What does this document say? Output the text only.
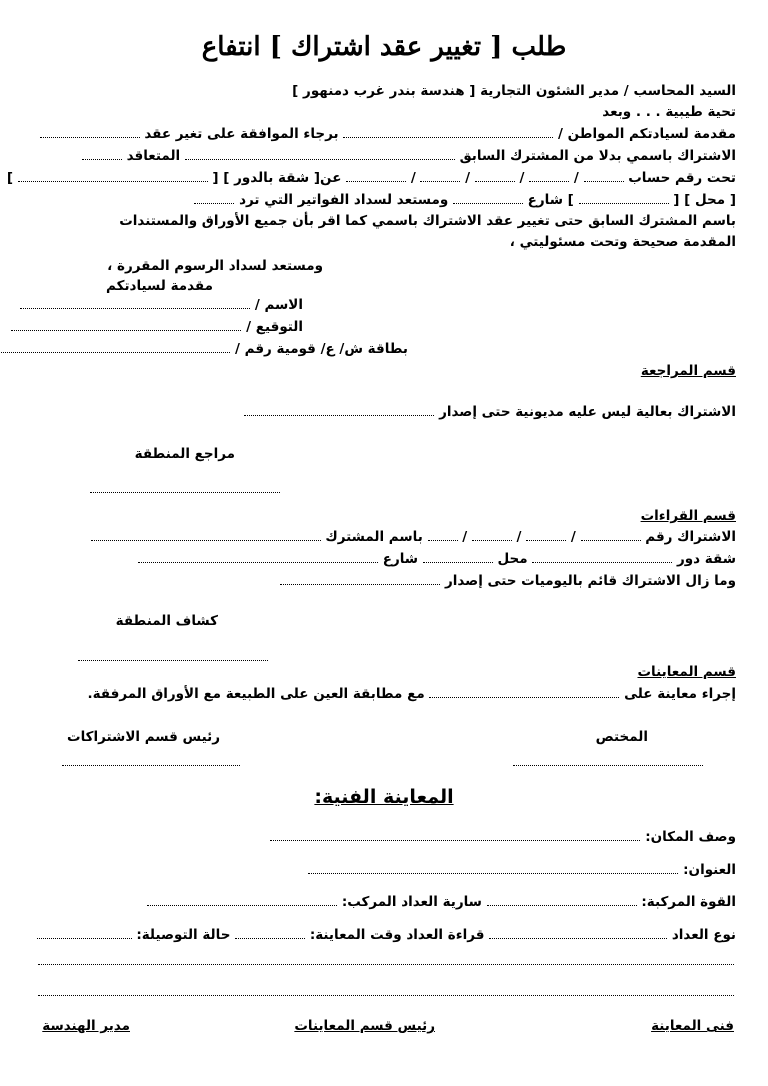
طلب [ تغيير عقد اشتراك ] انتفاع
السيد المحاسب / مدير الشئون التجارية [ هندسة بندر غرب دمنهور ]
تحية طيبية . . . وبعد
مقدمة لسيادتكم المواطن /  برجاء الموافقة على تغير عقد
الاشتراك باسمي بدلا من المشترك السابق  المتعاقد
تحت رقم حساب  /  /  /  /  عن[ شقة بالدور ] [  ]
[ محل ] [  ] شارع  ومستعد لسداد الفواتير التي ترد
باسم المشترك السابق حتى تغيير عقد الاشتراك باسمي كما اقر بأن جميع الأوراق والمستندات
المقدمة صحيحة وتحت مسئوليتي ،
ومستعد لسداد الرسوم المقررة ،
مقدمة لسيادتكم
الاسم /
التوقيع /
بطاقة ش/ ع/ قومية رقم /
قسم المراجعة
الاشتراك بعالية ليس عليه مديونية حتى إصدار
مراجع المنطقة
قسم القراءات
الاشتراك رقم  /  /  /  باسم المشترك
شقة دور  محل  شارع
وما زال الاشتراك قائم باليوميات حتى إصدار
كشاف المنطقة
قسم المعاينات
إجراء معاينة على  مع مطابقة العين على الطبيعة مع الأوراق المرفقة.
المختص
رئيس قسم الاشتراكات
المعاينة الفنية:
وصف المكان:
العنوان:
القوة المركبة:  سارية العداد المركب:
نوع العداد  قراءة العداد وقت المعاينة:  حالة التوصيلة:
فنى المعاينة
رئيس قسم المعاينات
مدير الهندسة
